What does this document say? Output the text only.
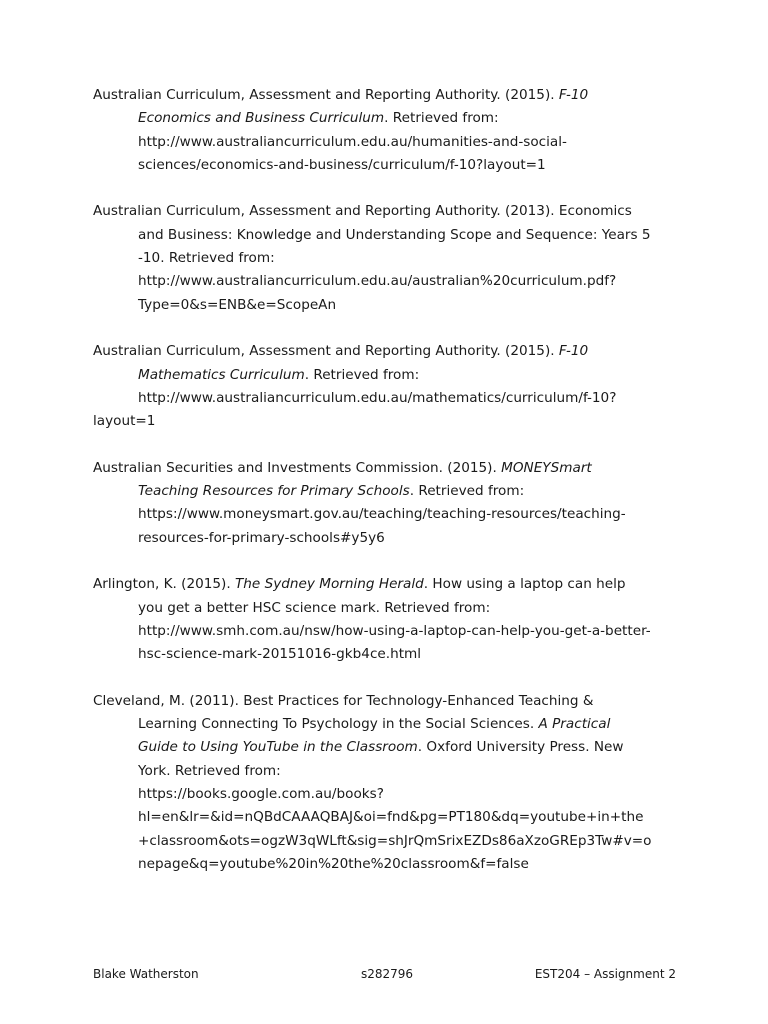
Australian Curriculum, Assessment and Reporting Authority. (2015). F-10
Economics and Business Curriculum. Retrieved from:
http://www.australiancurriculum.edu.au/humanities-and-social-
sciences/economics-and-business/curriculum/f-10?layout=1
Australian Curriculum, Assessment and Reporting Authority. (2013). Economics
and Business: Knowledge and Understanding Scope and Sequence: Years 5
-10. Retrieved from:
http://www.australiancurriculum.edu.au/australian%20curriculum.pdf?
Type=0&s=ENB&e=ScopeAn
Australian Curriculum, Assessment and Reporting Authority. (2015). F-10
Mathematics Curriculum. Retrieved from:
http://www.australiancurriculum.edu.au/mathematics/curriculum/f-10?
layout=1
Australian Securities and Investments Commission. (2015). MONEYSmart
Teaching Resources for Primary Schools. Retrieved from:
https://www.moneysmart.gov.au/teaching/teaching-resources/teaching-
resources-for-primary-schools#y5y6
Arlington, K. (2015). The Sydney Morning Herald. How using a laptop can help
you get a better HSC science mark. Retrieved from:
http://www.smh.com.au/nsw/how-using-a-laptop-can-help-you-get-a-better-
hsc-science-mark-20151016-gkb4ce.html
Cleveland, M. (2011). Best Practices for Technology-Enhanced Teaching &
Learning Connecting To Psychology in the Social Sciences. A Practical
Guide to Using YouTube in the Classroom. Oxford University Press. New
York. Retrieved from:
https://books.google.com.au/books?
hl=en&lr=&id=nQBdCAAAQBAJ&oi=fnd&pg=PT180&dq=youtube+in+the
+classroom&ots=ogzW3qWLft&sig=shJrQmSrixEZDs86aXzoGREp3Tw#v=o
nepage&q=youtube%20in%20the%20classroom&f=false
Blake Watherston	s282796	EST204 – Assignment 2
